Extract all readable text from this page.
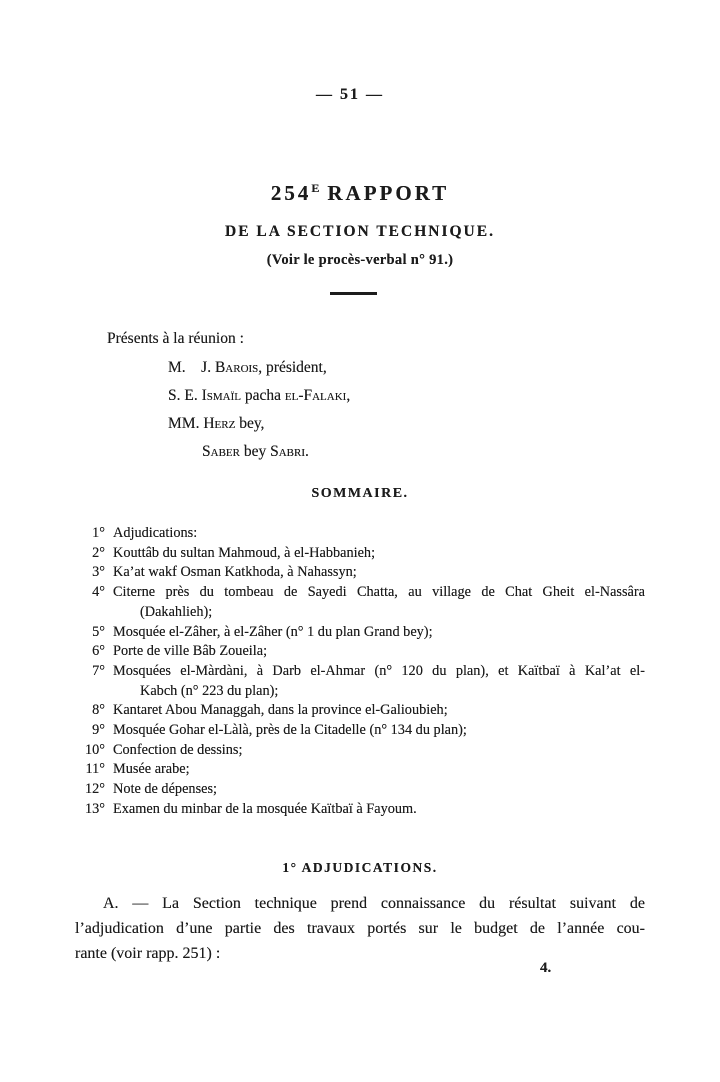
— 51 —
$254^E$ RAPPORT
DE LA SECTION TECHNIQUE.
(Voir le procès-verbal n° 91.)
Présents à la réunion :
M.  J. Barois, président,
S. E. Ismaïl pacha el-Falaki,
MM. Herz bey,
Saber bey Sabri.
SOMMAIRE.
1° Adjudications:
2° Kouttâb du sultan Mahmoud, à el-Habbanieh;
3° Ka’at wakf Osman Katkhoda, à Nahassyn;
4° Citerne près du tombeau de Sayedi Chatta, au village de Chat Gheit el-Nassâra
(Dakahlieh);
5° Mosquée el-Zâher, à el-Zâher (n° 1 du plan Grand bey);
6° Porte de ville Bâb Zoueila;
7° Mosquées el-Màrdàni, à Darb el-Ahmar (n° 120 du plan), et Kaïtbaï à Kal’at el-
Kabch (n° 223 du plan);
8° Kantaret Abou Managgah, dans la province el-Galioubieh;
9° Mosquée Gohar el-Làlà, près de la Citadelle (n° 134 du plan);
10° Confection de dessins;
11° Musée arabe;
12° Note de dépenses;
13° Examen du minbar de la mosquée Kaïtbaï à Fayoum.
1° ADJUDICATIONS.
A. — La Section technique prend connaissance du résultat suivant de
l’adjudication d’une partie des travaux portés sur le budget de l’année cou-
rante (voir rapp. 251) :
4.
